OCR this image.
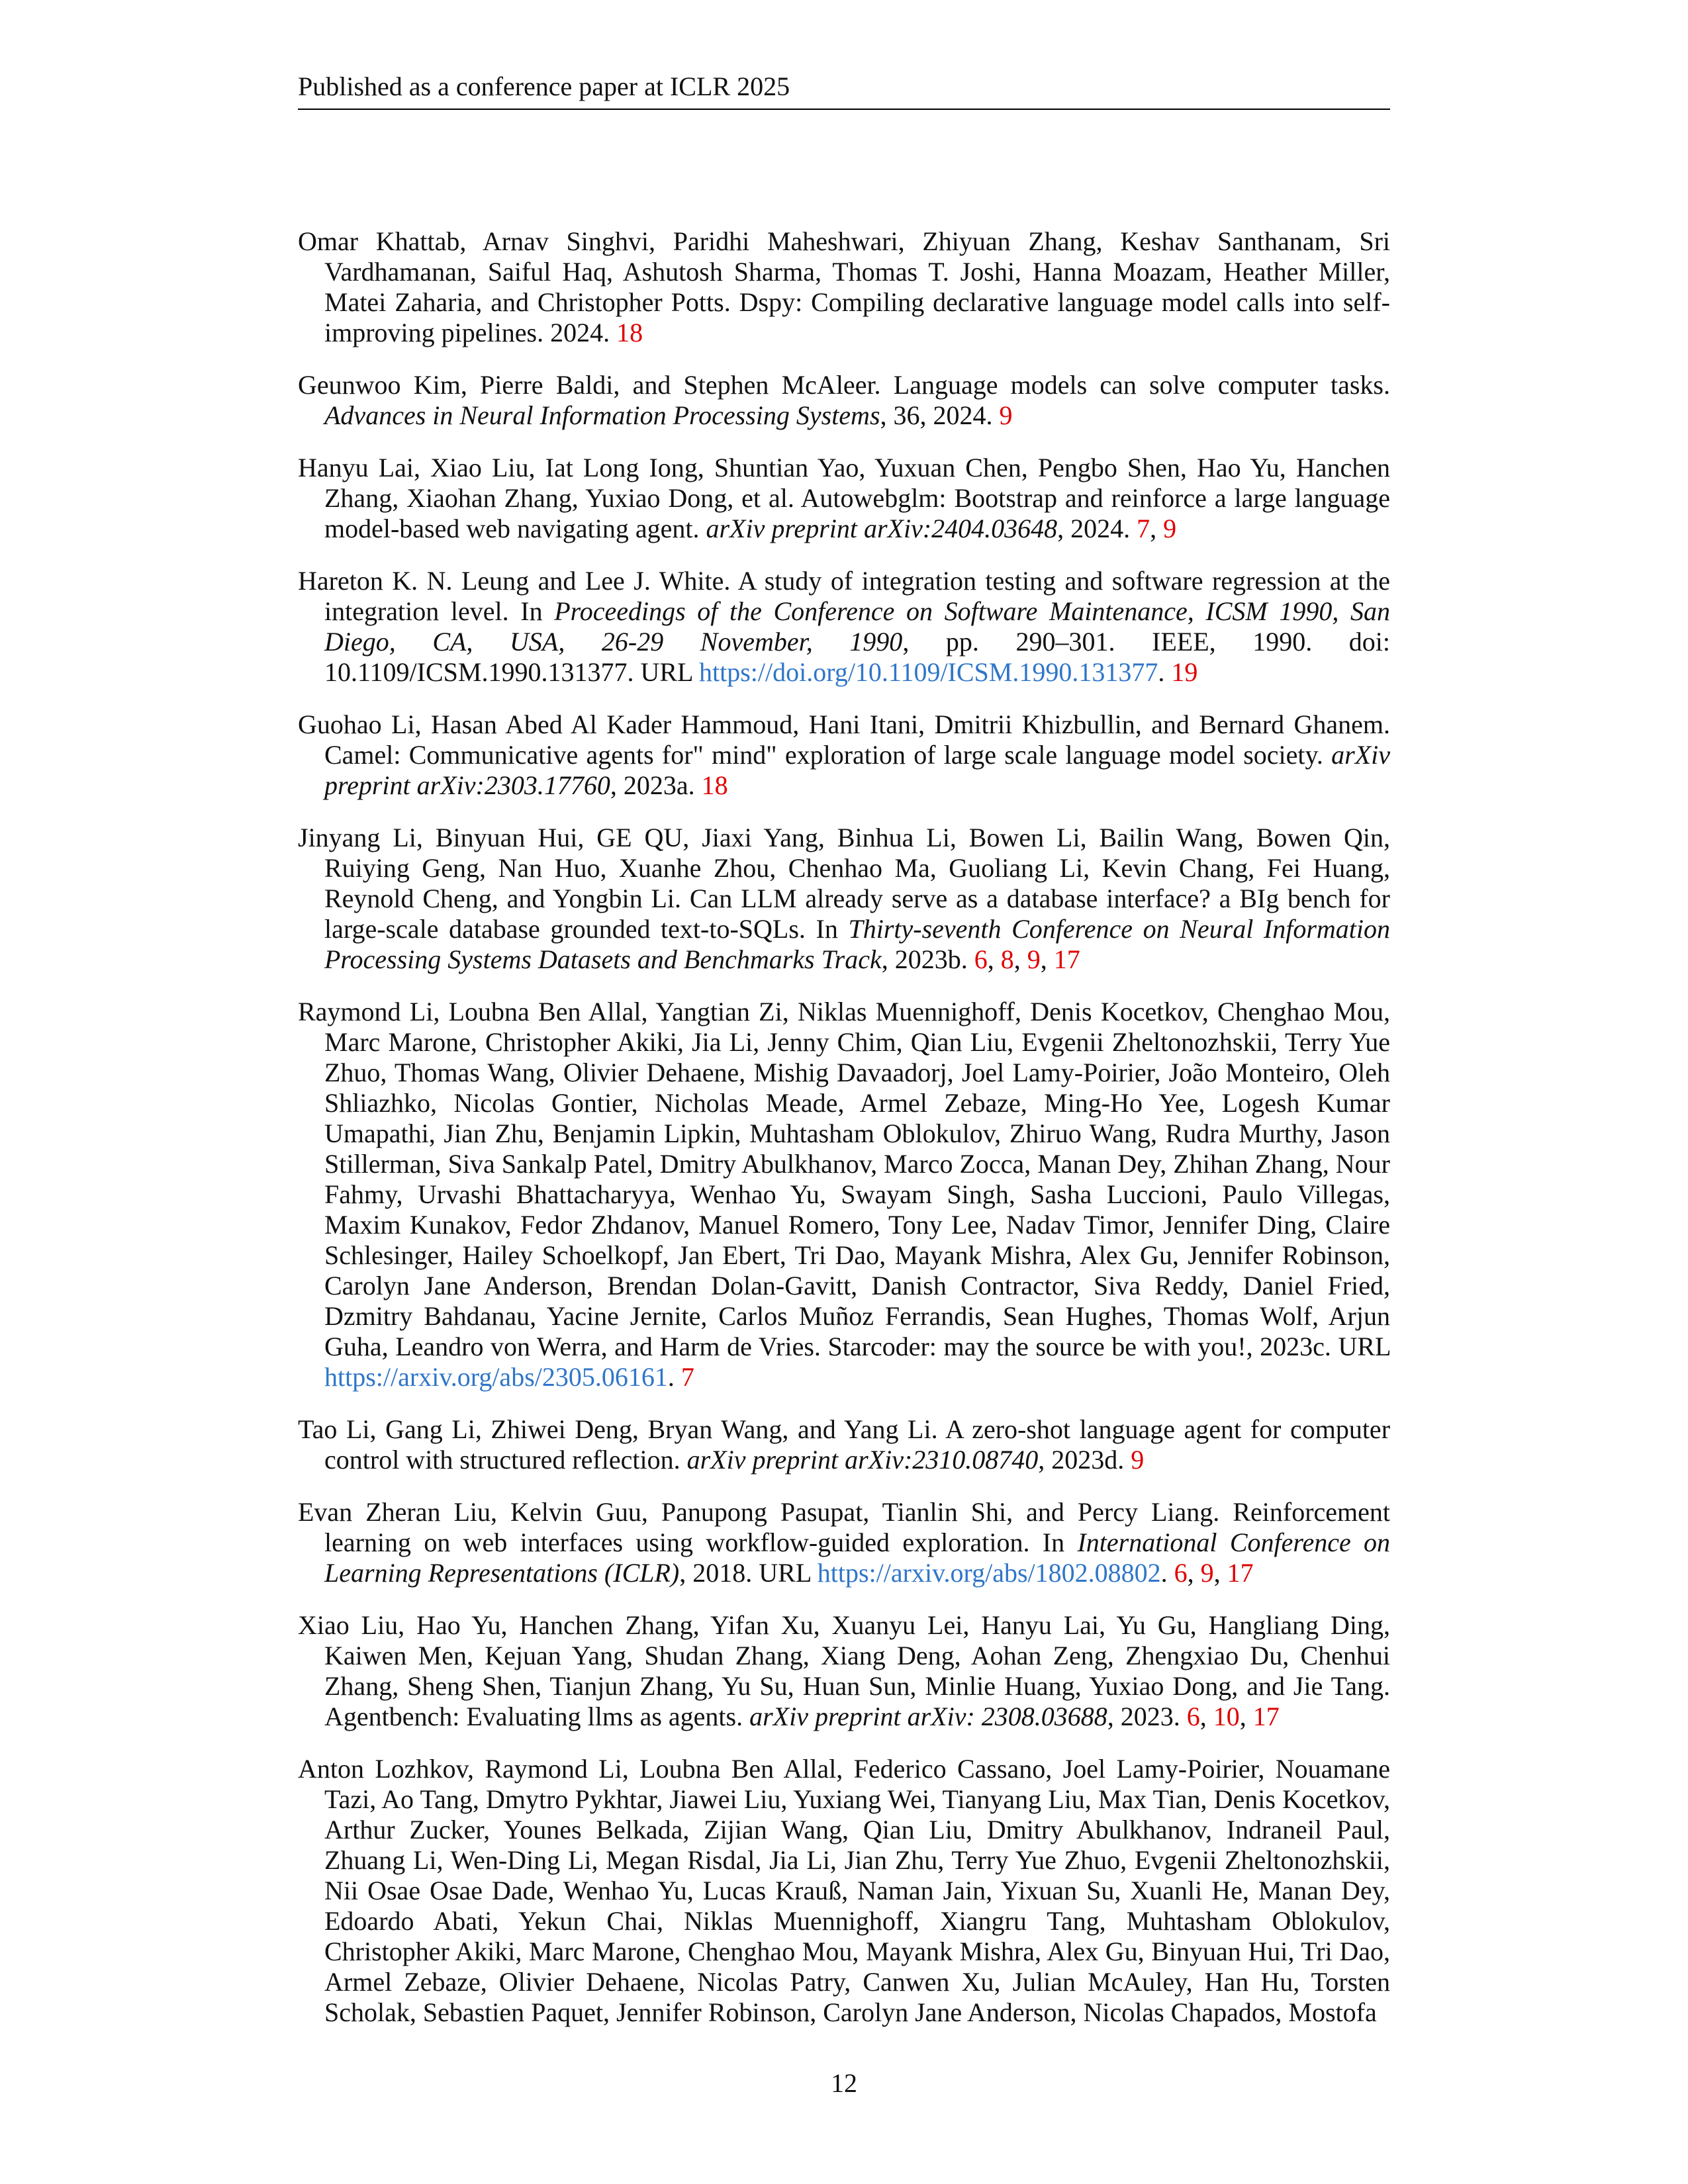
Published as a conference paper at ICLR 2025

Omar Khattab, Arnav Singhvi, Paridhi Maheshwari, Zhiyuan Zhang, Keshav Santhanam, Sri Vardhamanan, Saiful Haq, Ashutosh Sharma, Thomas T. Joshi, Hanna Moazam, Heather Miller, Matei Zaharia, and Christopher Potts. Dspy: Compiling declarative language model calls into self-improving pipelines. 2024. 18

Geunwoo Kim, Pierre Baldi, and Stephen McAleer. Language models can solve computer tasks. Advances in Neural Information Processing Systems, 36, 2024. 9

Hanyu Lai, Xiao Liu, Iat Long Iong, Shuntian Yao, Yuxuan Chen, Pengbo Shen, Hao Yu, Hanchen Zhang, Xiaohan Zhang, Yuxiao Dong, et al. Autowebglm: Bootstrap and reinforce a large language model-based web navigating agent. arXiv preprint arXiv:2404.03648, 2024. 7, 9

Hareton K. N. Leung and Lee J. White. A study of integration testing and software regression at the integration level. In Proceedings of the Conference on Software Maintenance, ICSM 1990, San Diego, CA, USA, 26-29 November, 1990, pp. 290–301. IEEE, 1990. doi: 10.1109/ICSM.1990.131377. URL https://doi.org/10.1109/ICSM.1990.131377. 19

Guohao Li, Hasan Abed Al Kader Hammoud, Hani Itani, Dmitrii Khizbullin, and Bernard Ghanem. Camel: Communicative agents for" mind" exploration of large scale language model society. arXiv preprint arXiv:2303.17760, 2023a. 18

Jinyang Li, Binyuan Hui, GE QU, Jiaxi Yang, Binhua Li, Bowen Li, Bailin Wang, Bowen Qin, Ruiying Geng, Nan Huo, Xuanhe Zhou, Chenhao Ma, Guoliang Li, Kevin Chang, Fei Huang, Reynold Cheng, and Yongbin Li. Can LLM already serve as a database interface? a BIg bench for large-scale database grounded text-to-SQLs. In Thirty-seventh Conference on Neural Information Processing Systems Datasets and Benchmarks Track, 2023b. 6, 8, 9, 17

Raymond Li, Loubna Ben Allal, Yangtian Zi, Niklas Muennighoff, Denis Kocetkov, Chenghao Mou, Marc Marone, Christopher Akiki, Jia Li, Jenny Chim, Qian Liu, Evgenii Zheltonozhskii, Terry Yue Zhuo, Thomas Wang, Olivier Dehaene, Mishig Davaadorj, Joel Lamy-Poirier, João Monteiro, Oleh Shliazhko, Nicolas Gontier, Nicholas Meade, Armel Zebaze, Ming-Ho Yee, Logesh Kumar Umapathi, Jian Zhu, Benjamin Lipkin, Muhtasham Oblokulov, Zhiruo Wang, Rudra Murthy, Jason Stillerman, Siva Sankalp Patel, Dmitry Abulkhanov, Marco Zocca, Manan Dey, Zhihan Zhang, Nour Fahmy, Urvashi Bhattacharyya, Wenhao Yu, Swayam Singh, Sasha Luccioni, Paulo Villegas, Maxim Kunakov, Fedor Zhdanov, Manuel Romero, Tony Lee, Nadav Timor, Jennifer Ding, Claire Schlesinger, Hailey Schoelkopf, Jan Ebert, Tri Dao, Mayank Mishra, Alex Gu, Jennifer Robinson, Carolyn Jane Anderson, Brendan Dolan-Gavitt, Danish Contractor, Siva Reddy, Daniel Fried, Dzmitry Bahdanau, Yacine Jernite, Carlos Muñoz Ferrandis, Sean Hughes, Thomas Wolf, Arjun Guha, Leandro von Werra, and Harm de Vries. Starcoder: may the source be with you!, 2023c. URL https://arxiv.org/abs/2305.06161. 7

Tao Li, Gang Li, Zhiwei Deng, Bryan Wang, and Yang Li. A zero-shot language agent for computer control with structured reflection. arXiv preprint arXiv:2310.08740, 2023d. 9

Evan Zheran Liu, Kelvin Guu, Panupong Pasupat, Tianlin Shi, and Percy Liang. Reinforcement learning on web interfaces using workflow-guided exploration. In International Conference on Learning Representations (ICLR), 2018. URL https://arxiv.org/abs/1802.08802. 6, 9, 17

Xiao Liu, Hao Yu, Hanchen Zhang, Yifan Xu, Xuanyu Lei, Hanyu Lai, Yu Gu, Hangliang Ding, Kaiwen Men, Kejuan Yang, Shudan Zhang, Xiang Deng, Aohan Zeng, Zhengxiao Du, Chenhui Zhang, Sheng Shen, Tianjun Zhang, Yu Su, Huan Sun, Minlie Huang, Yuxiao Dong, and Jie Tang. Agentbench: Evaluating llms as agents. arXiv preprint arXiv: 2308.03688, 2023. 6, 10, 17

Anton Lozhkov, Raymond Li, Loubna Ben Allal, Federico Cassano, Joel Lamy-Poirier, Nouamane Tazi, Ao Tang, Dmytro Pykhtar, Jiawei Liu, Yuxiang Wei, Tianyang Liu, Max Tian, Denis Kocetkov, Arthur Zucker, Younes Belkada, Zijian Wang, Qian Liu, Dmitry Abulkhanov, Indraneil Paul, Zhuang Li, Wen-Ding Li, Megan Risdal, Jia Li, Jian Zhu, Terry Yue Zhuo, Evgenii Zheltonozhskii, Nii Osae Osae Dade, Wenhao Yu, Lucas Krauß, Naman Jain, Yixuan Su, Xuanli He, Manan Dey, Edoardo Abati, Yekun Chai, Niklas Muennighoff, Xiangru Tang, Muhtasham Oblokulov, Christopher Akiki, Marc Marone, Chenghao Mou, Mayank Mishra, Alex Gu, Binyuan Hui, Tri Dao, Armel Zebaze, Olivier Dehaene, Nicolas Patry, Canwen Xu, Julian McAuley, Han Hu, Torsten Scholak, Sebastien Paquet, Jennifer Robinson, Carolyn Jane Anderson, Nicolas Chapados, Mostofa

12
